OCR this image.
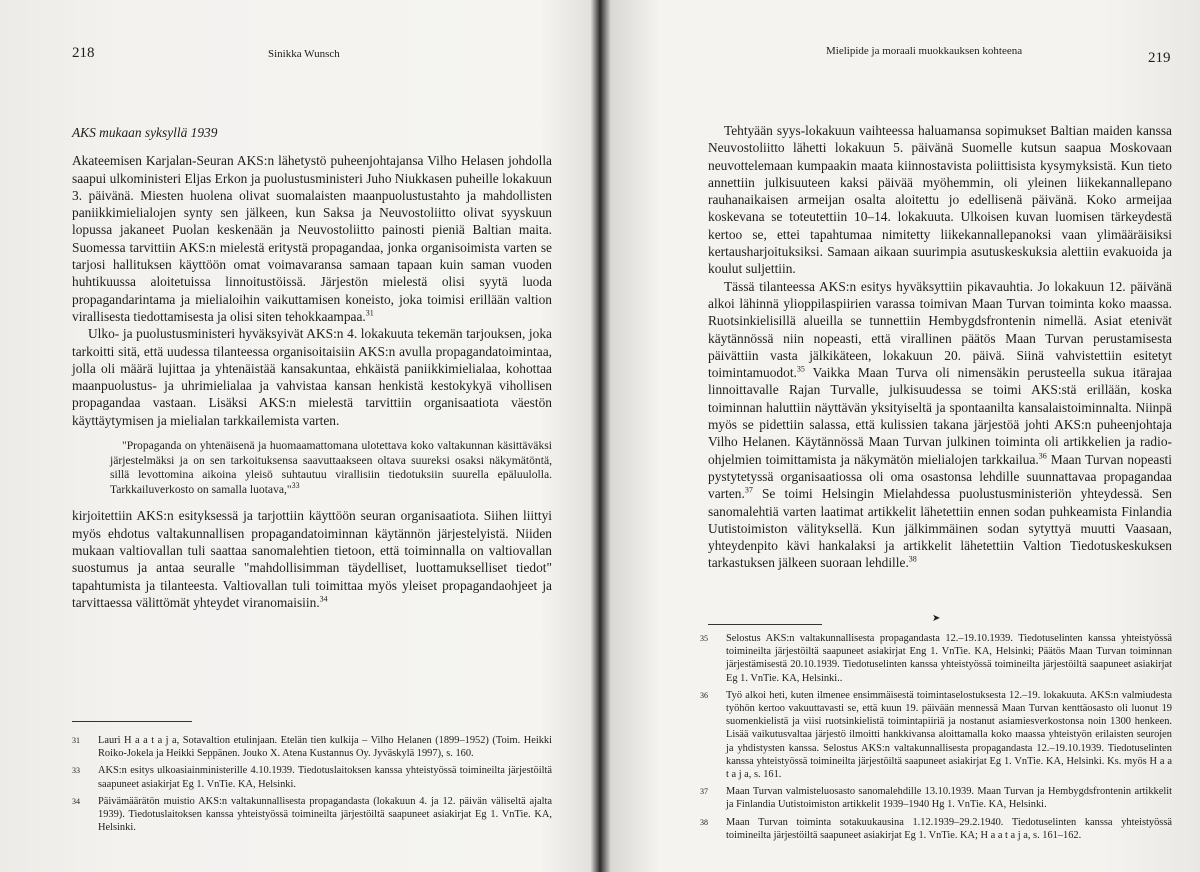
218	Sinikka Wunsch

AKS mukaan syksyllä 1939

Akateemisen Karjalan-Seuran AKS:n lähetystö puheenjohtajansa Vilho Helasen johdolla saapui ulkoministeri Eljas Erkon ja puolustusministeri Juho Niukkasen puheille lokakuun 3. päivänä. Miesten huolena olivat suomalaisten maanpuolustustahto ja mahdollisten paniikkimielialojen synty sen jälkeen, kun Saksa ja Neuvostoliitto olivat syyskuun lopussa jakaneet Puolan keskenään ja Neuvostoliitto painosti pieniä Baltian maita. Suomessa tarvittiin AKS:n mielestä eritystä propagandaa, jonka organisoimista varten se tarjosi hallituksen käyttöön omat voimavaransa samaan tapaan kuin saman vuoden huhtikuussa aloitetuissa linnoitustöissä. Järjestön mielestä olisi syytä luoda propagandarintama ja mielialoihin vaikuttamisen koneisto, joka toimisi erillään valtion virallisesta tiedottamisesta ja olisi siten tehokkaampaa.$^{31}$

Ulko- ja puolustusministeri hyväksyivät AKS:n 4. lokakuuta tekemän tarjouksen, joka tarkoitti sitä, että uudessa tilanteessa organisoitaisiin AKS:n avulla propagandatoimintaa, jolla oli määrä lujittaa ja yhtenäistää kansakuntaa, ehkäistä paniikkimielialaa, kohottaa maanpuolustus- ja uhrimielialaa ja vahvistaa kansan henkistä kestokykyä vihollisen propagandaa vastaan. Lisäksi AKS:n mielestä tarvittiin organisaatiota väestön käyttäytymisen ja mielialan tarkkailemista varten.

"Propaganda on yhtenäisenä ja huomaamattomana ulotettava koko valtakunnan käsittäväksi järjestelmäksi ja on sen tarkoituksensa saavuttaakseen oltava suureksi osaksi näkymätöntä, sillä levottomina aikoina yleisö suhtautuu virallisiin tiedotuksiin suurella epäluulolla. Tarkkailuverkosto on samalla luotava,"$^{33}$

kirjoitettiin AKS:n esityksessä ja tarjottiin käyttöön seuran organisaatiota. Siihen liittyi myös ehdotus valtakunnallisen propagandatoiminnan käytännön järjestelyistä. Niiden mukaan valtiovallan tuli saattaa sanomalehtien tietoon, että toiminnalla on valtiovallan suostumus ja antaa seuralle "mahdollisimman täydelliset, luottamukselliset tiedot" tapahtumista ja tilanteesta. Valtiovallan tuli toimittaa myös yleiset propagandaohjeet ja tarvittaessa välittömät yhteydet viranomaisiin.$^{34}$

31	Lauri H a a t a j a, Sotavaltion etulinjaan. Etelän tien kulkija – Vilho Helanen (1899–1952) (Toim. Heikki Roiko-Jokela ja Heikki Seppänen. Jouko X. Atena Kustannus Oy. Jyväskylä 1997), s. 160.
33	AKS:n esitys ulkoasiainministerille 4.10.1939. Tiedotuslaitoksen kanssa yhteistyössä toimineilta järjestöiltä saapuneet asiakirjat Eg 1. VnTie. KA, Helsinki.
34	Päivämäärätön muistio AKS:n valtakunnallisesta propagandasta (lokakuun 4. ja 12. päivän väliseltä ajalta 1939). Tiedotuslaitoksen kanssa yhteistyössä toimineilta järjestöiltä saapuneet asiakirjat Eg 1. VnTie. KA, Helsinki.
219
Mielipide ja moraali muokkauksen kohteena

Tehtyään syys-lokakuun vaihteessa haluamansa sopimukset Baltian maiden kanssa Neuvostoliitto lähetti lokakuun 5. päivänä Suomelle kutsun saapua Moskovaan neuvottelemaan kumpaakin maata kiinnostavista poliittisista kysymyksistä. Kun tieto annettiin julkisuuteen kaksi päivää myöhemmin, oli yleinen liikekannallepano rauhanaikaisen armeijan osalta aloitettu jo edellisenä päivänä. Koko armeijaa koskevana se toteutettiin 10–14. lokakuuta. Ulkoisen kuvan luomisen tärkeydestä kertoo se, ettei tapahtumaa nimitetty liikekannallepanoksi vaan ylimääräisiksi kertausharjoituksiksi. Samaan aikaan suurimpia asutuskeskuksia alettiin evakuoida ja koulut suljettiin.

Tässä tilanteessa AKS:n esitys hyväksyttiin pikavauhtia. Jo lokakuun 12. päivänä alkoi lähinnä ylioppilaspiirien varassa toimivan Maan Turvan toiminta koko maassa. Ruotsinkielisillä alueilla se tunnettiin Hembygdsfrontenin nimellä. Asiat etenivät käytännössä niin nopeasti, että virallinen päätös Maan Turvan perustamisesta päivättiin vasta jälkikäteen, lokakuun 20. päivä. Siinä vahvistettiin esitetyt toimintamuodot.$^{35}$ Vaikka Maan Turva oli nimensäkin perusteella sukua itärajaa linnoittavalle Rajan Turvalle, julkisuudessa se toimi AKS:stä erillään, koska toiminnan haluttiin näyttävän yksityiseltä ja spontaanilta kansalaistoiminnalta. Niinpä myös se pidettiin salassa, että kulissien takana järjestöä johti AKS:n puheenjohtaja Vilho Helanen. Käytännössä Maan Turvan julkinen toiminta oli artikkelien ja radio-ohjelmien toimittamista ja näkymätön mielialojen tarkkailua.$^{36}$ Maan Turvan nopeasti pystytetyssä organisaatiossa oli oma osastonsa lehdille suunnattavaa propagandaa varten.$^{37}$ Se toimi Helsingin Mielahdessa puolustusministeriön yhteydessä. Sen sanomalehtiä varten laatimat artikkelit lähetettiin ennen sodan puhkeamista Finlandia Uutistoimiston välityksellä. Kun jälkimmäinen sodan sytyttyä muutti Vaasaan, yhteydenpito kävi hankalaksi ja artikkelit lähetettiin Valtion Tiedotuskeskuksen tarkastuksen jälkeen suoraan lehdille.$^{38}$

➤
35	Selostus AKS:n valtakunnallisesta propagandasta 12.–19.10.1939. Tiedotuselinten kanssa yhteistyössä toimineilta järjestöiltä saapuneet asiakirjat Eng 1. VnTie. KA, Helsinki; Päätös Maan Turvan toiminnan järjestämisestä 20.10.1939. Tiedotuselinten kanssa yhteistyössä toimineilta järjestöiltä saapuneet asiakirjat Eg 1. VnTie. KA, Helsinki..
36	Työ alkoi heti, kuten ilmenee ensimmäisestä toimintaselostuksesta 12.–19. lokakuuta. AKS:n valmiudesta työhön kertoo vakuuttavasti se, että kuun 19. päivään mennessä Maan Turvan kenttäosasto oli luonut 19 suomenkielistä ja viisi ruotsinkielistä toimintapiiriä ja nostanut asiamiesverkostonsa noin 1300 henkeen. Lisää vaikutusvaltaa järjestö ilmoitti hankkivansa aloittamalla koko maassa yhteistyön erilaisten seurojen ja yhdistysten kanssa. Selostus AKS:n valtakunnallisesta propagandasta 12.–19.10.1939. Tiedotuselinten kanssa yhteistyössä toimineilta järjestöiltä saapuneet asiakirjat Eg 1. VnTie. KA, Helsinki. Ks. myös H a a t a j a, s. 161.
37	Maan Turvan valmisteluosasto sanomalehdille 13.10.1939. Maan Turvan ja Hembygdsfrontenin artikkelit ja Finlandia Uutistoimiston artikkelit 1939–1940 Hg 1. VnTie. KA, Helsinki.
38	Maan Turvan toiminta sotakuukausina 1.12.1939–29.2.1940. Tiedotuselinten kanssa yhteistyössä toimineilta järjestöiltä saapuneet asiakirjat Eg 1. VnTie. KA; H a a t a j a, s. 161–162.
